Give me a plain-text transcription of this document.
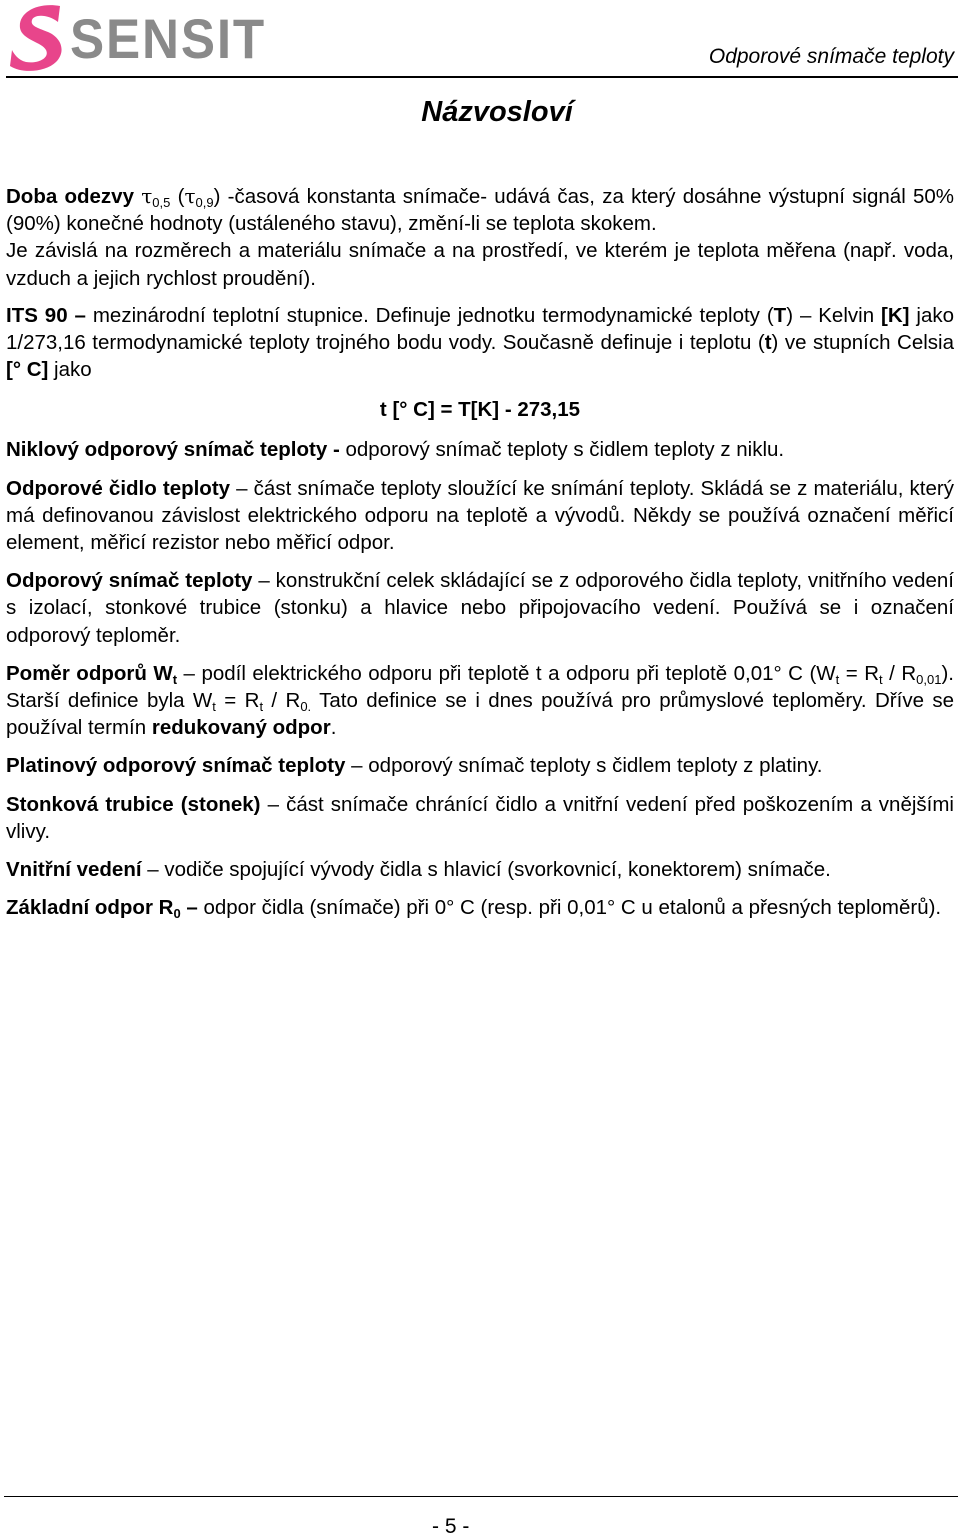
SENSIT	Odporové snímače teploty
Názvosloví

Doba odezvy $\tau_{0,5}$ $(\tau_{0,9})$ -časová konstanta snímače- udává čas, za který dosáhne výstupní signál 50% (90%) konečné hodnoty (ustáleného stavu), změní-li se teplota skokem.

Je závislá na rozměrech a materiálu snímače a na prostředí, ve kterém je teplota měřena (např. voda, vzduch a jejich rychlost proudění).

ITS 90 – mezinárodní teplotní stupnice. Definuje jednotku termodynamické teploty (T) – Kelvin [K] jako 1/273,16 termodynamické teploty trojného bodu vody. Současně definuje i teplotu (t) ve stupních Celsia [° C] jako

t [° C] = T[K] - 273,15

Niklový odporový snímač teploty - odporový snímač teploty s čidlem teploty z niklu.

Odporové čidlo teploty – část snímače teploty sloužící ke snímání teploty. Skládá se z materiálu, který má definovanou závislost elektrického odporu na teplotě a vývodů. Někdy se používá označení měřicí element, měřicí rezistor nebo měřicí odpor.

Odporový snímač teploty – konstrukční celek skládající se z odporového čidla teploty, vnitřního vedení s izolací, stonkové trubice (stonku) a hlavice nebo připojovacího vedení. Používá se i označení odporový teploměr.

Poměr odporů $W_t$ – podíl elektrického odporu při teplotě t a odporu při teplotě 0,01° C $(W_t = R_t / R_{0,01})$. Starší definice byla $W_t = R_t / R_{0.}$ Tato definice se i dnes používá pro průmyslové teploměry. Dříve se používal termín redukovaný odpor.

Platinový odporový snímač teploty – odporový snímač teploty s čidlem teploty z platiny.

Stonková trubice (stonek) – část snímače chránící čidlo a vnitřní vedení před poškozením a vnějšími vlivy.

Vnitřní vedení – vodiče spojující vývody čidla s hlavicí (svorkovnicí, konektorem) snímače.

Základní odpor $R_0$ – odpor čidla (snímače) při 0° C (resp. při 0,01° C u etalonů a přesných teploměrů).

- 5 -
